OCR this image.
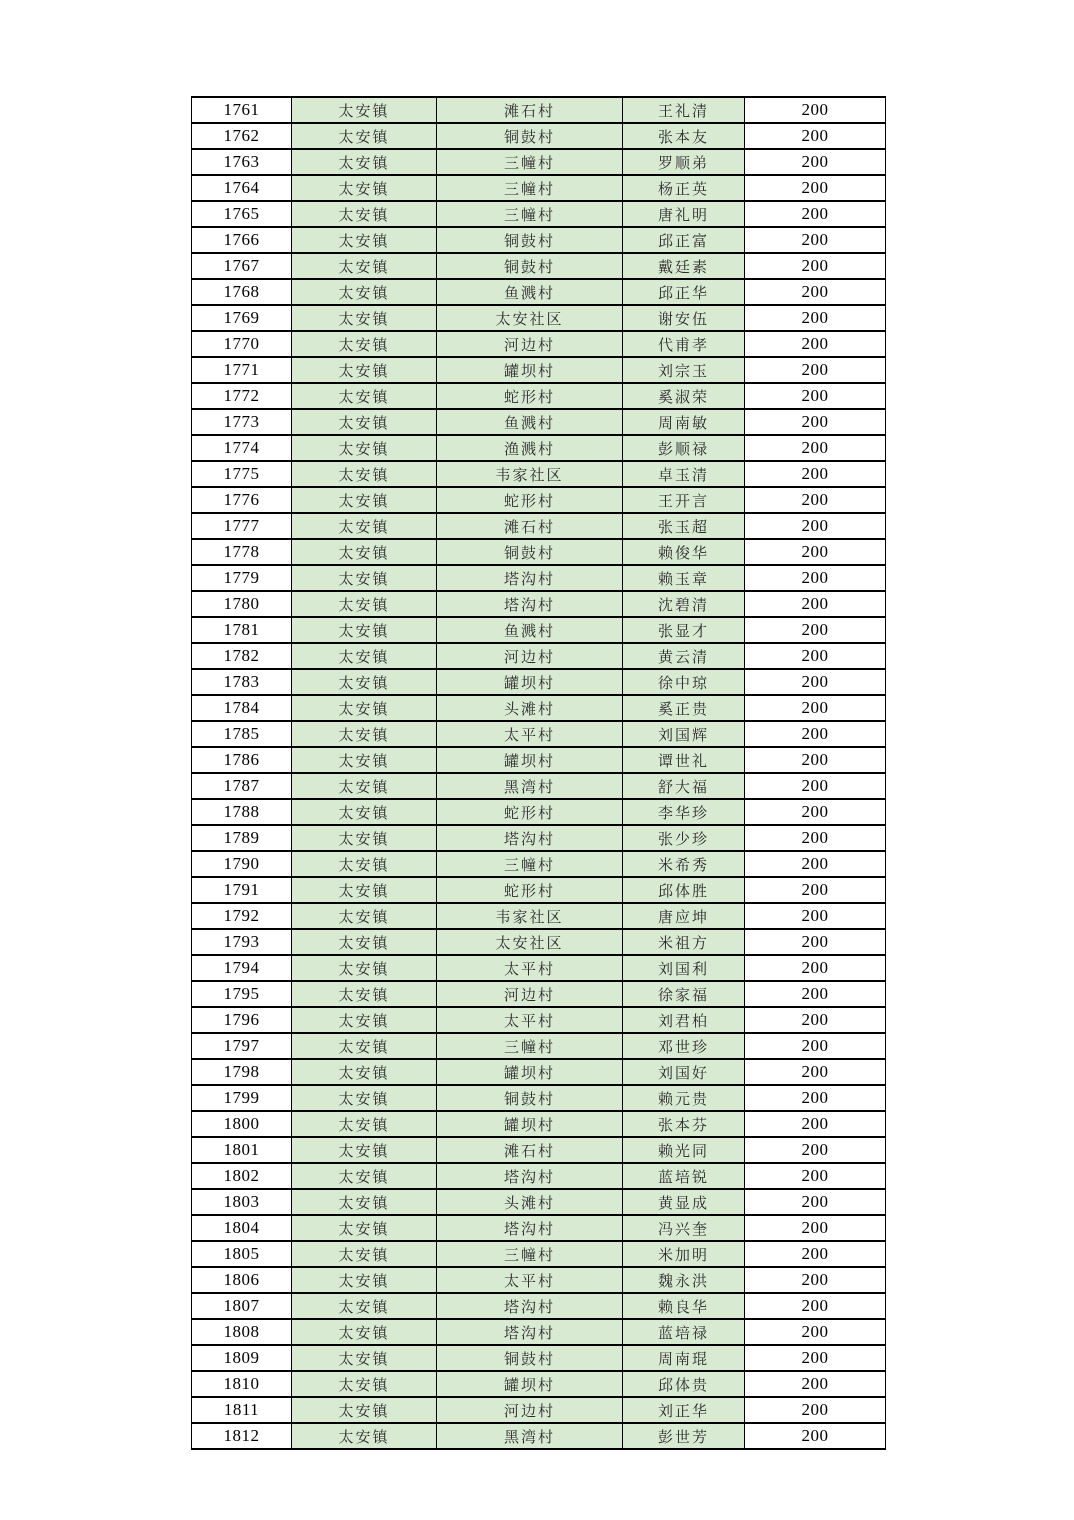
1761	太安镇	滩石村	王礼清	200
1762	太安镇	铜鼓村	张本友	200
1763	太安镇	三幢村	罗顺弟	200
1764	太安镇	三幢村	杨正英	200
1765	太安镇	三幢村	唐礼明	200
1766	太安镇	铜鼓村	邱正富	200
1767	太安镇	铜鼓村	戴廷素	200
1768	太安镇	鱼溅村	邱正华	200
1769	太安镇	太安社区	谢安伍	200
1770	太安镇	河边村	代甫孝	200
1771	太安镇	罐坝村	刘宗玉	200
1772	太安镇	蛇形村	奚淑荣	200
1773	太安镇	鱼溅村	周南敏	200
1774	太安镇	渔溅村	彭顺禄	200
1775	太安镇	韦家社区	卓玉清	200
1776	太安镇	蛇形村	王开言	200
1777	太安镇	滩石村	张玉超	200
1778	太安镇	铜鼓村	赖俊华	200
1779	太安镇	塔沟村	赖玉章	200
1780	太安镇	塔沟村	沈碧清	200
1781	太安镇	鱼溅村	张显才	200
1782	太安镇	河边村	黄云清	200
1783	太安镇	罐坝村	徐中琼	200
1784	太安镇	头滩村	奚正贵	200
1785	太安镇	太平村	刘国辉	200
1786	太安镇	罐坝村	谭世礼	200
1787	太安镇	黑湾村	舒大福	200
1788	太安镇	蛇形村	李华珍	200
1789	太安镇	塔沟村	张少珍	200
1790	太安镇	三幢村	米希秀	200
1791	太安镇	蛇形村	邱体胜	200
1792	太安镇	韦家社区	唐应坤	200
1793	太安镇	太安社区	米祖方	200
1794	太安镇	太平村	刘国利	200
1795	太安镇	河边村	徐家福	200
1796	太安镇	太平村	刘君柏	200
1797	太安镇	三幢村	邓世珍	200
1798	太安镇	罐坝村	刘国好	200
1799	太安镇	铜鼓村	赖元贵	200
1800	太安镇	罐坝村	张本芬	200
1801	太安镇	滩石村	赖光同	200
1802	太安镇	塔沟村	蓝培锐	200
1803	太安镇	头滩村	黄显成	200
1804	太安镇	塔沟村	冯兴奎	200
1805	太安镇	三幢村	米加明	200
1806	太安镇	太平村	魏永洪	200
1807	太安镇	塔沟村	赖良华	200
1808	太安镇	塔沟村	蓝培禄	200
1809	太安镇	铜鼓村	周南琨	200
1810	太安镇	罐坝村	邱体贵	200
1811	太安镇	河边村	刘正华	200
1812	太安镇	黑湾村	彭世芳	200
